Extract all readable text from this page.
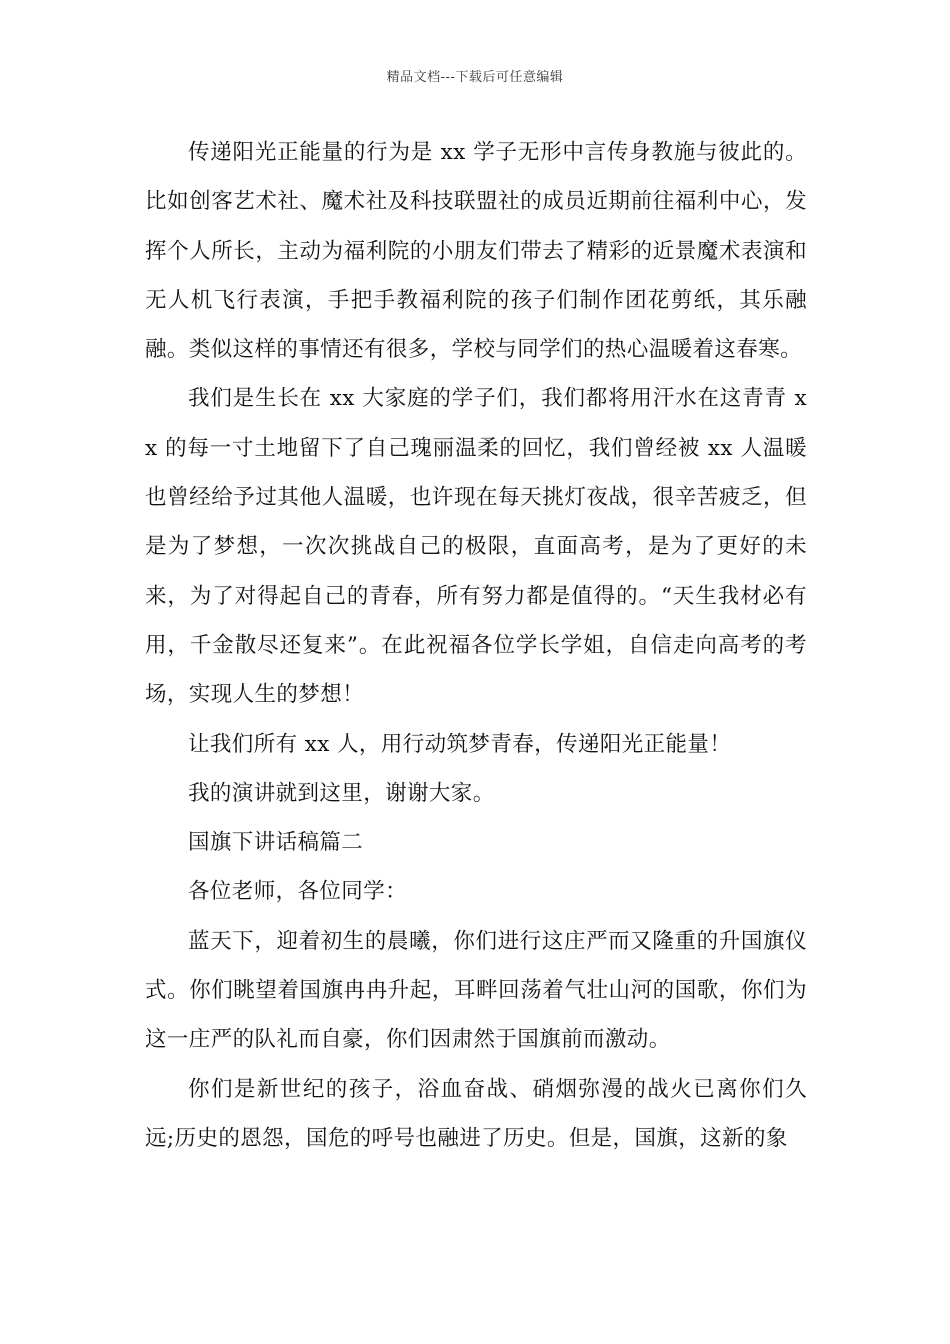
精品文档---下载后可任意编辑

传递阳光正能量的行为是 xx 学子无形中言传身教施与彼此的。比如创客艺术社、魔术社及科技联盟社的成员近期前往福利中心，发挥个人所长，主动为福利院的小朋友们带去了精彩的近景魔术表演和无人机飞行表演，手把手教福利院的孩子们制作团花剪纸，其乐融融。类似这样的事情还有很多，学校与同学们的热心温暖着这春寒。

我们是生长在 xx 大家庭的学子们，我们都将用汗水在这青青 xx 的每一寸土地留下了自己瑰丽温柔的回忆，我们曾经被 xx 人温暖也曾经给予过其他人温暖，也许现在每天挑灯夜战，很辛苦疲乏，但是为了梦想，一次次挑战自己的极限，直面高考，是为了更好的未来，为了对得起自己的青春，所有努力都是值得的。“天生我材必有用，千金散尽还复来”。在此祝福各位学长学姐，自信走向高考的考场，实现人生的梦想！

让我们所有 xx 人，用行动筑梦青春，传递阳光正能量！

我的演讲就到这里，谢谢大家。

国旗下讲话稿篇二

各位老师，各位同学：

蓝天下，迎着初生的晨曦，你们进行这庄严而又隆重的升国旗仪式。你们眺望着国旗冉冉升起，耳畔回荡着气壮山河的国歌，你们为这一庄严的队礼而自豪，你们因肃然于国旗前而激动。

你们是新世纪的孩子，浴血奋战、硝烟弥漫的战火已离你们久远;历史的恩怨，国危的呼号也融进了历史。但是，国旗，这新的象
